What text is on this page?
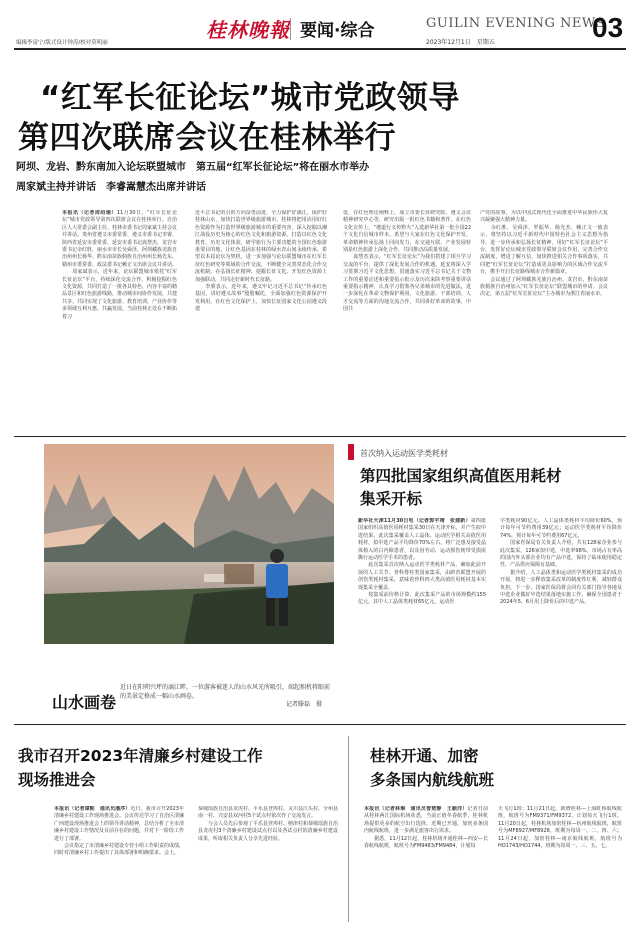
编辑李富宁/版式设计钟涛/校对莫明丽
桂林晚報 要闻·综合	GUILIN EVENING NEWS
2023年12月1日　星期五	03
“红军长征论坛”城市党政领导
第四次联席会议在桂林举行
阿坝、龙岩、黔东南加入论坛联盟城市　第五届“红军长征论坛”将在丽水市举办
周家斌主持并讲话　李睿嵩慧杰出席并讲话
本报讯（记者周绍瑜）11月30日，“红军长征论坛”城市党政领导第四次联席会议在桂林举行。自治区人大常委会副主任、桂林市委书记周家斌主持会议并讲话。贵州省遵义市委常委、遵义市委书记李睿，陕西省延安市委常委、延安市委书记嵩慧杰，龙岩市委书记余红胜，丽水市市长吴舜泽，阿坝藏族羌族自治州州长杨华、黔东南苗族侗族自治州州长杨先东、赣州市委常委、政法委书记赖正文出席会议并讲话。
　　周家斌表示，近年来，论坛联盟城市依托“红军长征论坛”平台，持续深化交流合作，积极挖掘红色文化资源，共同打造了一批各具特色、内容丰富的精品景区和红色旅游线路，推动城市间协作发展，共建共享、共同实现了文化旅游、教育培训、产业协作等多领域互利互惠、共赢发展。当前桂林正处在不断拓着习
近平总书记的引的方向奋勇前进，全力保护好漓江，保护好桂林山水，加快打造世界级旅游城市，桂林将把用活用好红色资源作为打造世界级旅游城市的重要内容，深入挖掘以湘江战役历史为核心的红色文化和旅游资源，打造以红色文化教育、历史文化体验、研学旅行为主要功能的全国红色旅游重要目的地，让红色基因在桂林的绿水青山间永续传承。希望以本届论坛为契机，进一步加强与论坛联盟城市在红军长征红色研究等领域的合作交流，不断健全完善常态化合作交流机制，在弘扬长征精神、挖掘长征文化、开发红色资源上加强联动，共同走好新时代长征路。
　　李睿表示，近年来，遵义牢记习近平总书记“传承红色基因，讲好遵义故事”殷殷嘱托，全面加强红色资源保护开发利用。在红色文化保护上，加快长征国家文化公园遵义段建
设，在红色理论阐释上，成立市委长征研究院、遵义会议精神研究中心等，研究出版一批红色书籍和著作。在红色文化宣传上，“遵道行义传黔火”入选新华社第一批全国22个文化自信城市样本。希望与大家在红色文化保护开发、革命精神传承弘扬上同向发力，在交通互联、产业发展特别是红色旅游上深化合作，共同推动高质量发展。
　　嵩慧杰表示，“红军长征论坛”为我们搭建了相互学习交流的平台，提供了深化发展合作的机遇。延安将深入学习贯彻习近平文化思想，贯通落实习近平总书记关于文物工作的重要论述和重要指示批示及历次来陕考察重要讲话重要指示精神，认真学习借鉴各兄弟城市的先进做法，进一步深化在革命文物保护利用、文化旅游、干部培训、人才交流等方面的沟通交流合作，共同讲好革命的故事，中国共
产党的故事，为以中国式现代化全面推进中华民族伟大复兴凝聚强大精神力量。
　　余红胜、吴舜泽、罗振华、杨光杰、赖正文一致表示，将坚持以习近平新时代中国特色社会主义思想为指导，进一步传承和弘扬长征精神，用好“红军长征论坛”平台，发挥好论坛城市党政领导联席会议作用，完善合作交流制度，增进了解互信，加快推进相关合作事项落实，共同把“红军长征论坛”打造成更具影响力的区域合作交流平台，携手开启长征路线城市合作新篇章。
　　会议通过了阿坝藏族羌族自治州、龙岩市、黔东南苗族侗族自治州加入“红军长征论坛”联盟城市的申请。会议决定，第五届“红军长征论坛”主办城市为浙江省丽水市。
山水画卷
近日在阳朔兴坪的漓江畔，一位游客被迷人的山水风光所吸引，端起相机将眼前的美景定格成一幅山水画卷。

记者滕磊　摄
首次纳入运动医学类耗材
第四批国家组织高值医用耗材
集采开标
新华社天津11月30日电（记者郭宇靖　张建新）第四批国家组织高值医用耗材集采30日在天津开标，并产生拟中选结果。此次集采覆盖人工晶体、运动医学相关高值医用耗材，拟中选产品平均降价70%左右，将广泛惠及接受晶体植入的白内障患者，以及因劳动、运动损伤韧带受损需撕行运动医学手术的患者。
　　此次集采首次纳入运动医学类耗材产品，确加此前开展的人工关节、骨科脊柱类国家集采，由跨省联盟开展的创伤类耗材集采，意味着骨科四大类高值医用耗材基本实现集采全覆盖。
　　按集采前价格计算，此次集采产品的市场规模约155亿元，其中人工晶体类耗材65亿元，运动医
学类耗材90亿元。人工晶体类耗材平均降价60%，预计每年可节约费用39亿元；运动医学类耗材平均降价74%，预计每年可节约费用67亿元。
　　国家医保局有关负责人介绍，共有128家企业参与此次集采，126家拟中选，中选率98%。市场占有率高的国内外头部企业均有产品中选，保持了临床使用稳定性，产品供应保障有基础。
　　据介绍，人工晶体类和运动医学类耗材集采的成功开展，将进一步释放集采改革的制度性红利，减轻群众负担。下一步，国家医保局将会同有关部门指导各地及中选企业做好中选结果落地实施工作，确保全国患者于2024年5、6月用上降价后的中选产品。
我市召开2023年清廉乡村建设工作
现场推进会
本报讯（记者谭熙　通讯员潘序）近日，我市召开2023年清廉乡村建设工作现场推进会。会议传达学习了自治区清廉广西建设现场推进会上的领导讲话精神，总结分析了全市清廉乡村建设工作情况及目前存在的问题，并对下一阶段工作进行了部署。
　　会议指定了市清廉乡村建设专营小组工作职责的成绩，同时对清廉乡村工作提出了具体部署和明确要求。会上，
恭城瑶族自治县龙虎村、平乐县登埠村、灵川县江头村、全州县南一村、兴安县双河村5个试点村依次作了交流发言。
　　与会人员先后参观了平乐县登埠村、榕津村和恭城瑶族自治县龙虎村3个清廉乡村建设试点村以及各试点村的清廉乡村建设成果，听取相关负责人分享先进经验。
桂林开通、加密
多条国内航线航班
本报讯（记者林琳　通讯员曾楚静　王颖洋）记者日前从桂林两江国际机场获悉，当前正值冬春航季，桂林机场提供更多的航空出行选择，近期已开通、加密多条国内航线航班，进一步满足旅客出行需求。
　　据悉，11月12日起，桂林机场开通桂林—西安—长春航线航班，航班号为FM9483/FM9484，计划每
天飞行1班；11月21日起，新增桂林—上海虹桥航线航班，航班号为FM9371/FM9372，计划每天飞行1班。11月20日起，桂林机场加密桂林—杭州航线航班，航班号为MF8927/MF8928，班期为每周一、二、四、六；11月24日起，加密桂林—南京航线航班，航班号为HO1743/HO1744，班期为每周一、三、五、七。
